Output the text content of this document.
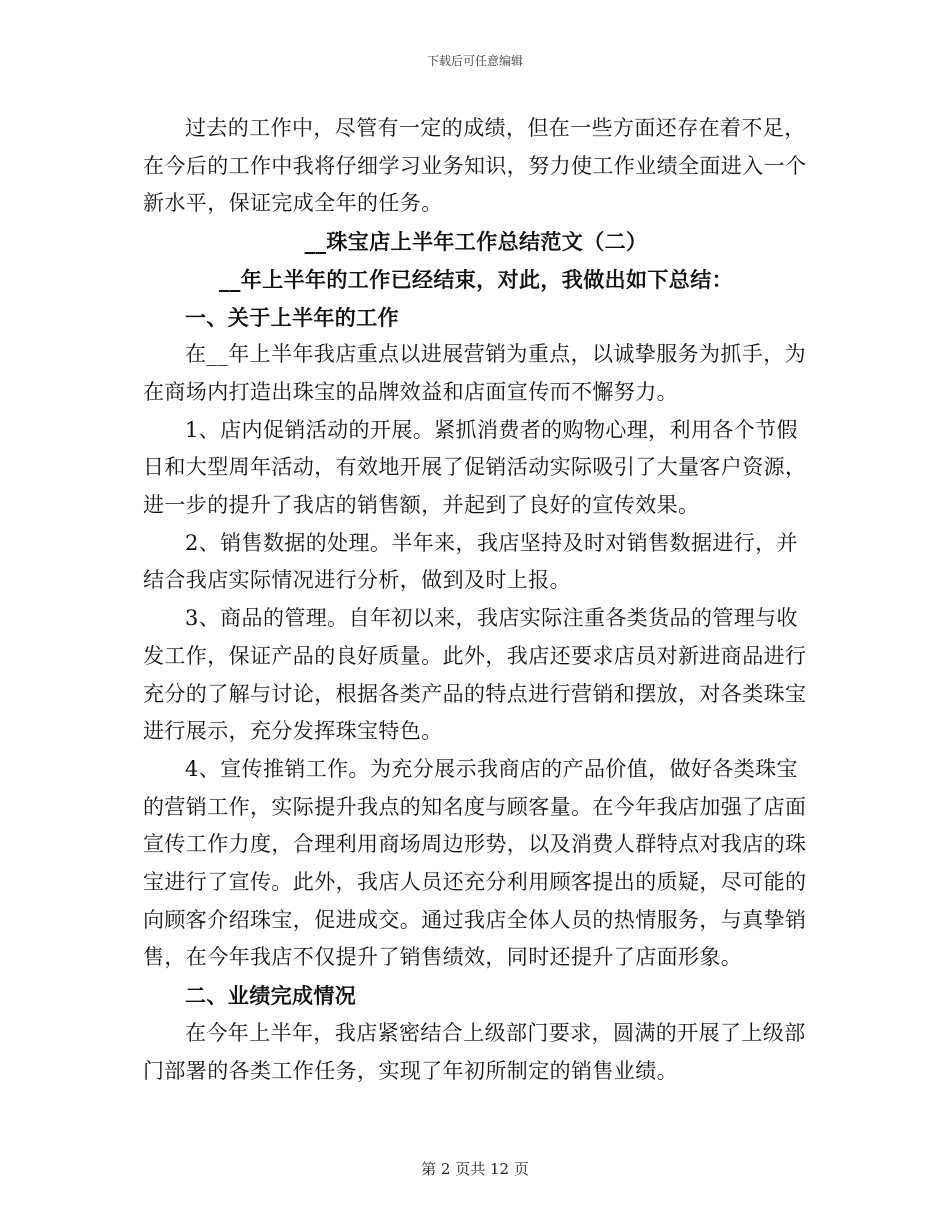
下载后可任意编辑

过去的工作中，尽管有一定的成绩，但在一些方面还存在着不足，在今后的工作中我将仔细学习业务知识，努力使工作业绩全面进入一个新水平，保证完成全年的任务。

__珠宝店上半年工作总结范文（二）

__年上半年的工作已经结束，对此，我做出如下总结：

一、关于上半年的工作

在__年上半年我店重点以进展营销为重点，以诚挚服务为抓手，为在商场内打造出珠宝的品牌效益和店面宣传而不懈努力。

1、店内促销活动的开展。紧抓消费者的购物心理，利用各个节假日和大型周年活动，有效地开展了促销活动实际吸引了大量客户资源，进一步的提升了我店的销售额，并起到了良好的宣传效果。

2、销售数据的处理。半年来，我店坚持及时对销售数据进行，并结合我店实际情况进行分析，做到及时上报。

3、商品的管理。自年初以来，我店实际注重各类货品的管理与收发工作，保证产品的良好质量。此外，我店还要求店员对新进商品进行充分的了解与讨论，根据各类产品的特点进行营销和摆放，对各类珠宝进行展示，充分发挥珠宝特色。

4、宣传推销工作。为充分展示我商店的产品价值，做好各类珠宝的营销工作，实际提升我点的知名度与顾客量。在今年我店加强了店面宣传工作力度，合理利用商场周边形势，以及消费人群特点对我店的珠宝进行了宣传。此外，我店人员还充分利用顾客提出的质疑，尽可能的向顾客介绍珠宝，促进成交。通过我店全体人员的热情服务，与真挚销售，在今年我店不仅提升了销售绩效，同时还提升了店面形象。

二、业绩完成情况

在今年上半年，我店紧密结合上级部门要求，圆满的开展了上级部门部署的各类工作任务，实现了年初所制定的销售业绩。

第 2 页共 12 页
